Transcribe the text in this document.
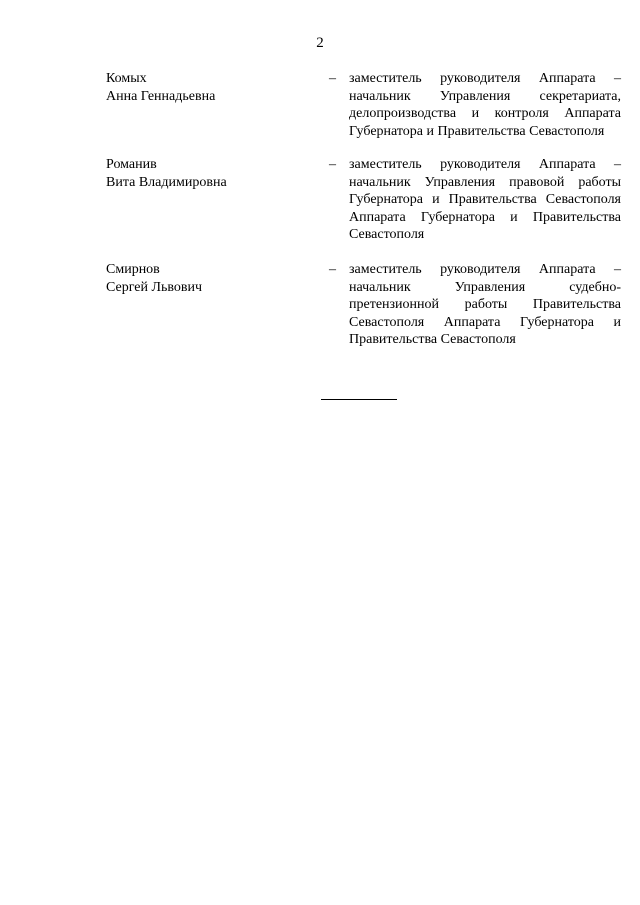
2
Комых
Анна Геннадьевна
– заместитель руководителя Аппарата –
начальник Управления секретариата,
делопроизводства и контроля Аппарата
Губернатора и Правительства Севастополя
Романив
Вита Владимировна
– заместитель руководителя Аппарата –
начальник Управления правовой работы
Губернатора и Правительства Севастополя
Аппарата Губернатора и Правительства
Севастополя
Смирнов
Сергей Львович
– заместитель руководителя Аппарата –
начальник Управления судебно-
претензионной работы Правительства
Севастополя Аппарата Губернатора и
Правительства Севастополя
